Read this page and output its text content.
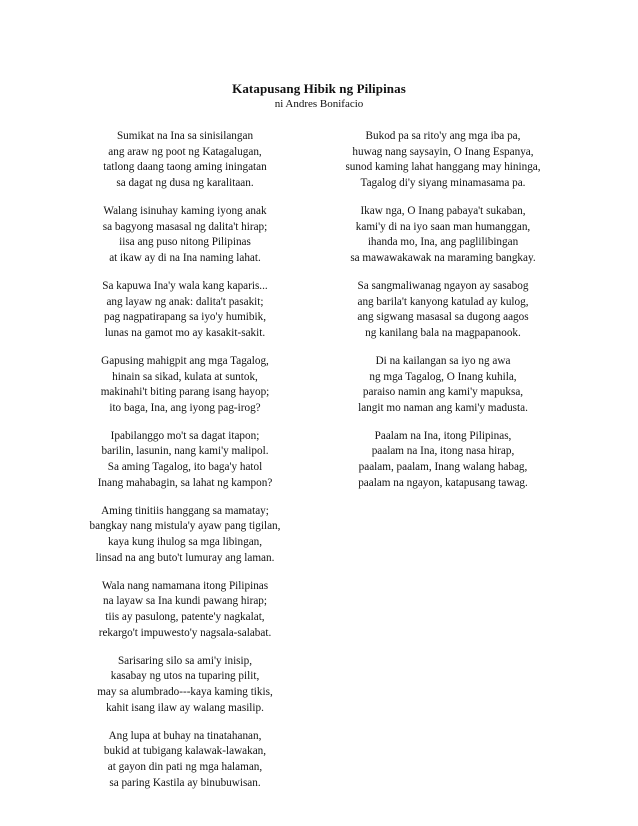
Katapusang Hibik ng Pilipinas
ni Andres Bonifacio
Sumikat na Ina sa sinisilangan
ang araw ng poot ng Katagalugan,
tatlong daang taong aming iningatan
sa dagat ng dusa ng karalitaan.
Walang isinuhay kaming iyong anak
sa bagyong masasal ng dalita't hirap;
iisa ang puso nitong Pilipinas
at ikaw ay di na Ina naming lahat.
Sa kapuwa Ina'y wala kang kaparis...
ang layaw ng anak: dalita't pasakit;
pag nagpatirapang sa iyo'y humibik,
lunas na gamot mo ay kasakit-sakit.
Gapusing mahigpit ang mga Tagalog,
hinain sa sikad, kulata at suntok,
makinahi't biting parang isang hayop;
ito baga, Ina, ang iyong pag-irog?
Ipabilanggo mo't sa dagat itapon;
barilin, lasunin, nang kami'y malipol.
Sa aming Tagalog, ito baga'y hatol
Inang mahabagin, sa lahat ng kampon?
Aming tinitiis hanggang sa mamatay;
bangkay nang mistula'y ayaw pang tigilan,
kaya kung ihulog sa mga libingan,
linsad na ang buto't lumuray ang laman.
Wala nang namamana itong Pilipinas
na layaw sa Ina kundi pawang hirap;
tiis ay pasulong, patente'y nagkalat,
rekargo't impuwesto'y nagsala-salabat.
Sarisaring silo sa ami'y inisip,
kasabay ng utos na tuparing pilit,
may sa alumbrado---kaya kaming tikis,
kahit isang ilaw ay walang masilip.
Ang lupa at buhay na tinatahanan,
bukid at tubigang kalawak-lawakan,
at gayon din pati ng mga halaman,
sa paring Kastila ay binubuwisan.
Bukod pa sa rito'y ang mga iba pa,
huwag nang saysayin, O Inang Espanya,
sunod kaming lahat hanggang may hininga,
Tagalog di'y siyang minamasama pa.
Ikaw nga, O Inang pabaya't sukaban,
kami'y di na iyo saan man humanggan,
ihanda mo, Ina, ang paglilibingan
sa mawawakawak na maraming bangkay.
Sa sangmaliwanag ngayon ay sasabog
ang barila't kanyong katulad ay kulog,
ang sigwang masasal sa dugong aagos
ng kanilang bala na magpapanook.
Di na kailangan sa iyo ng awa
ng mga Tagalog, O Inang kuhila,
paraiso namin ang kami'y mapuksa,
langit mo naman ang kami'y madusta.
Paalam na Ina, itong Pilipinas,
paalam na Ina, itong nasa hirap,
paalam, paalam, Inang walang habag,
paalam na ngayon, katapusang tawag.
